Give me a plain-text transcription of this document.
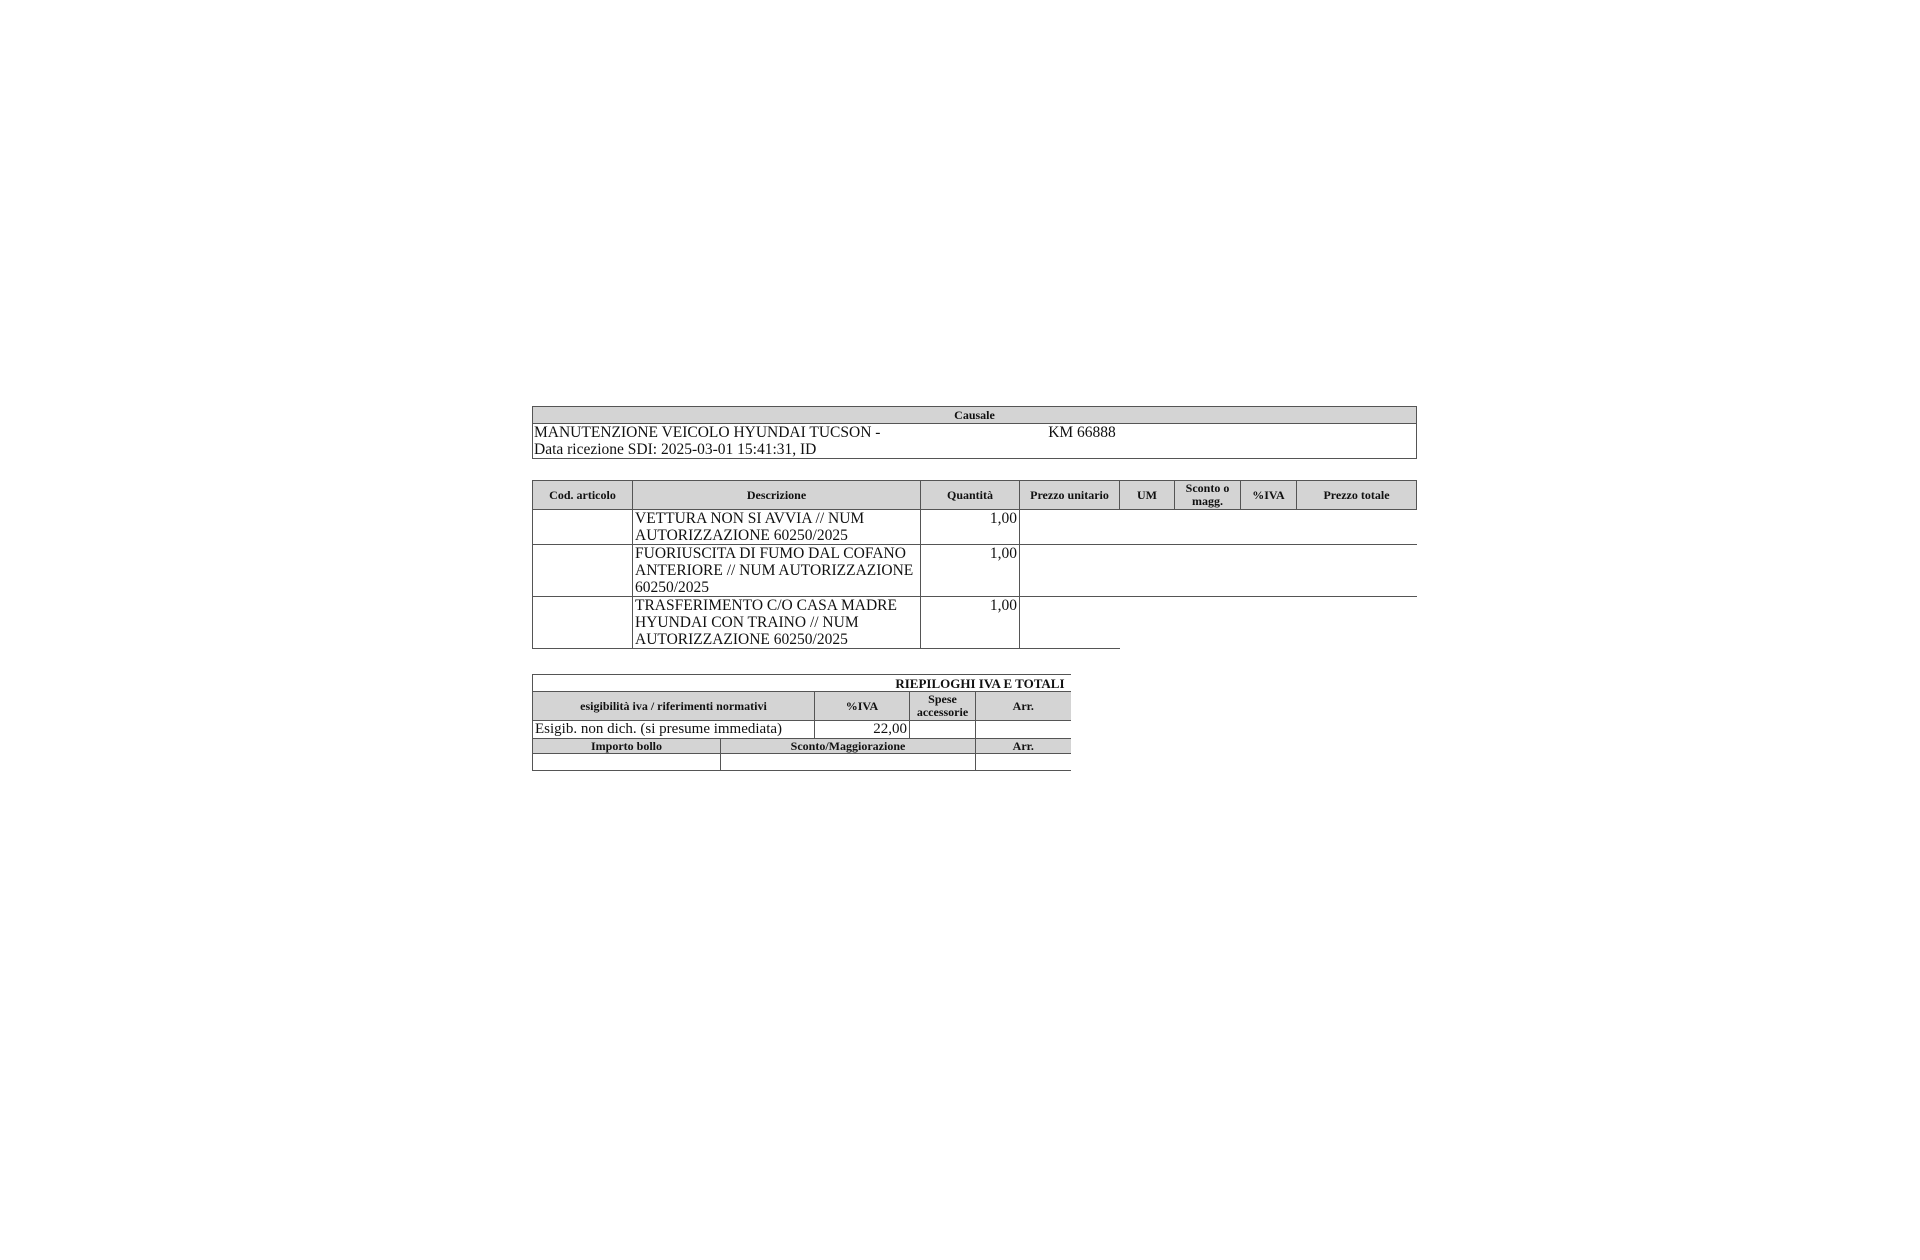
Causale

MANUTENZIONE VEICOLO HYUNDAI TUCSON -	KM 66888
Data ricezione SDI: 2025-03-01 15:41:31, ID
Cod. articolo	Descrizione	Quantità	Prezzo unitario	UM	Sconto o magg.	%IVA	Prezzo totale
	VETTURA NON SI AVVIA // NUM AUTORIZZAZIONE 60250/2025	1,00					
	FUORIUSCITA DI FUMO DAL COFANO ANTERIORE // NUM AUTORIZZAZIONE 60250/2025	1,00					
	TRASFERIMENTO C/O CASA MADRE HYUNDAI CON TRAINO // NUM AUTORIZZAZIONE 60250/2025	1,00					
RIEPILOGHI IVA E TOTALI				
esigibilità iva / riferimenti normativi		%IVA	Spese accessorie	Arr.
Esigib. non dich. (si presume immediata)		22,00		
Importo bollo	Sconto/Maggiorazione			Arr.
